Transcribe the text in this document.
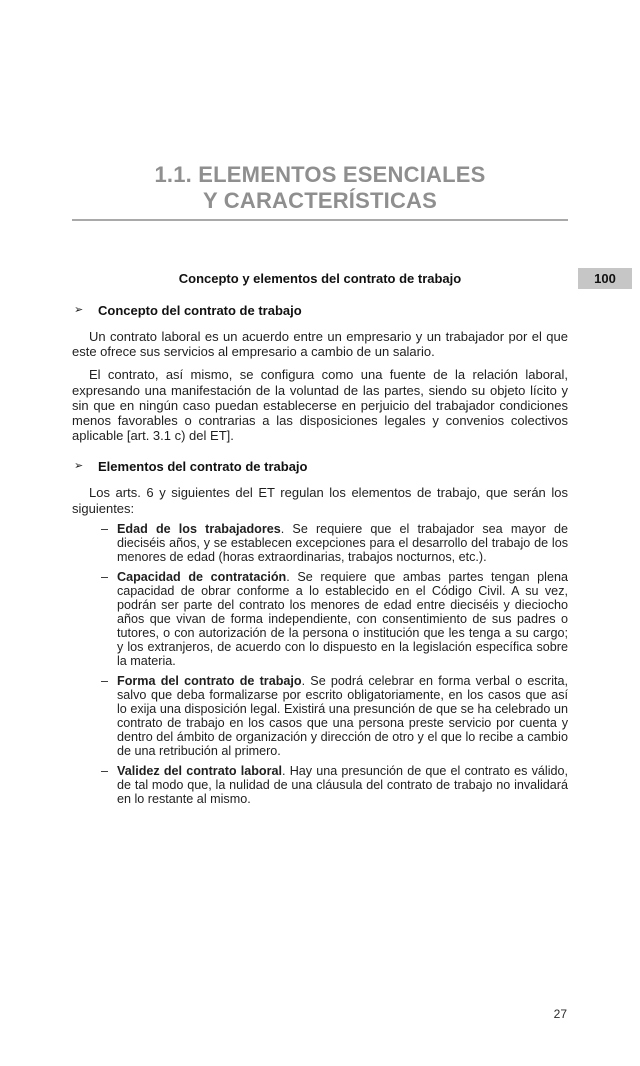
1.1. ELEMENTOS ESENCIALES
Y CARACTERÍSTICAS
Concepto y elementos del contrato de trabajo	100
➢ Concepto del contrato de trabajo

Un contrato laboral es un acuerdo entre un empresario y un trabajador por el que este ofrece sus servicios al empresario a cambio de un salario.

El contrato, así mismo, se configura como una fuente de la relación laboral, expresando una manifestación de la voluntad de las partes, siendo su objeto lícito y sin que en ningún caso puedan establecerse en perjuicio del trabajador condiciones menos favorables o contrarias a las disposiciones legales y convenios colectivos aplicable [art. 3.1 c) del ET].

➢ Elementos del contrato de trabajo

Los arts. 6 y siguientes del ET regulan los elementos de trabajo, que serán los siguientes:

– Edad de los trabajadores. Se requiere que el trabajador sea mayor de dieciséis años, y se establecen excepciones para el desarrollo del trabajo de los menores de edad (horas extraordinarias, trabajos nocturnos, etc.).
– Capacidad de contratación. Se requiere que ambas partes tengan plena capacidad de obrar conforme a lo establecido en el Código Civil. A su vez, podrán ser parte del contrato los menores de edad entre dieciséis y dieciocho años que vivan de forma independiente, con consentimiento de sus padres o tutores, o con autorización de la persona o institución que les tenga a su cargo; y los extranjeros, de acuerdo con lo dispuesto en la legislación específica sobre la materia.
– Forma del contrato de trabajo. Se podrá celebrar en forma verbal o escrita, salvo que deba formalizarse por escrito obligatoriamente, en los casos que así lo exija una disposición legal. Existirá una presunción de que se ha celebrado un contrato de trabajo en los casos que una persona preste servicio por cuenta y dentro del ámbito de organización y dirección de otro y el que lo recibe a cambio de una retribución al primero.
– Validez del contrato laboral. Hay una presunción de que el contrato es válido, de tal modo que, la nulidad de una cláusula del contrato de trabajo no invalidará en lo restante al mismo.
27
